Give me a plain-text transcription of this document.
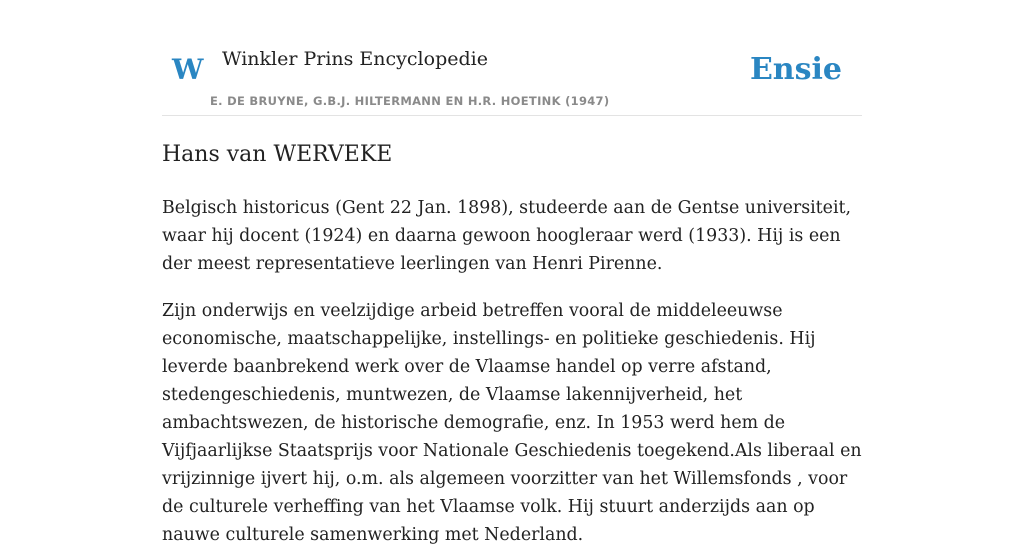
W Winkler Prins Encyclopedie
E. DE BRUYNE, G.B.J. HILTERMANN EN H.R. HOETINK (1947)
Ensie
Hans van WERVEKE

Belgisch historicus (Gent 22 Jan. 1898), studeerde aan de Gentse universiteit, waar hij docent (1924) en daarna gewoon hoogleraar werd (1933). Hij is een der meest representatieve leerlingen van Henri Pirenne.

Zijn onderwijs en veelzijdige arbeid betreffen vooral de middeleeuwse economische, maatschappelijke, instellings- en politieke geschiedenis. Hij leverde baanbrekend werk over de Vlaamse handel op verre afstand, stedengeschiedenis, muntwezen, de Vlaamse lakennijverheid, het ambachtswezen, de historische demografie, enz. In 1953 werd hem de Vijfjaarlijkse Staatsprijs voor Nationale Geschiedenis toegekend.Als liberaal en vrijzinnige ijvert hij, o.m. als algemeen voorzitter van het Willemsfonds , voor de culturele verheffing van het Vlaamse volk. Hij stuurt anderzijds aan op nauwe culturele samenwerking met Nederland.
